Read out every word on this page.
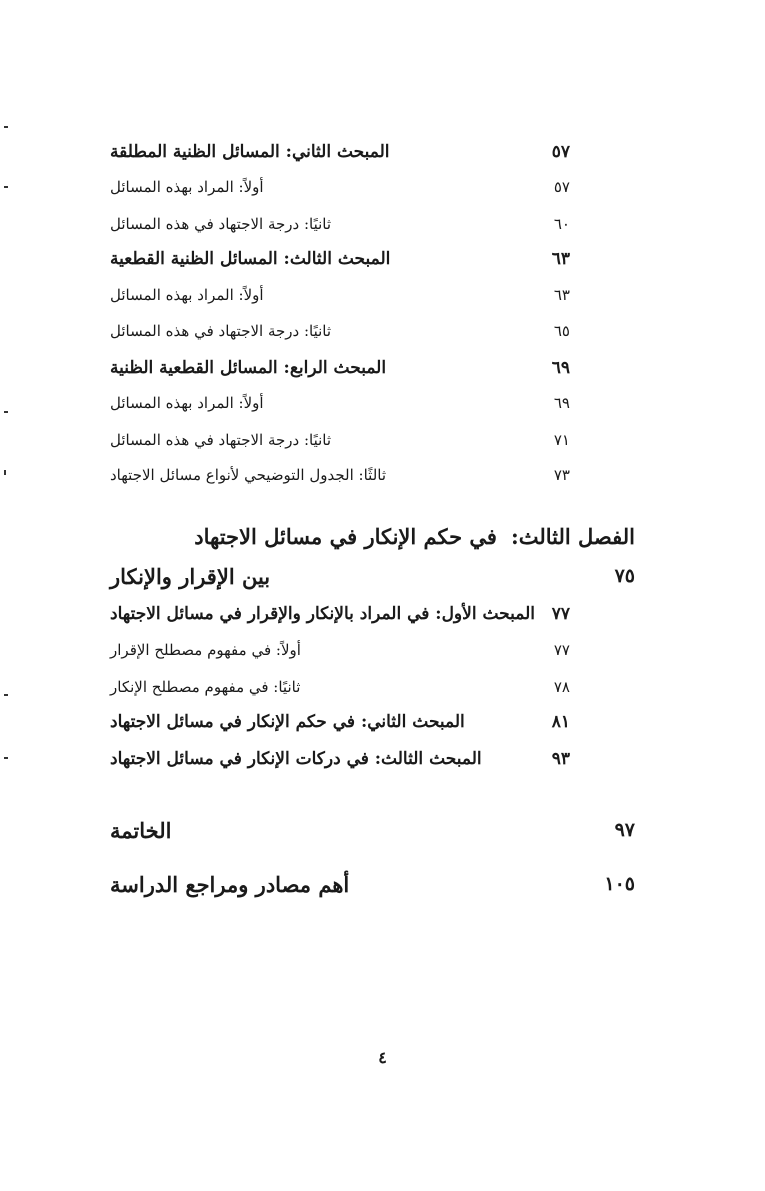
المبحث الثاني: المسائل الظنية المطلقة	٥٧
أولاً: المراد بهذه المسائل	٥٧
ثانيًا: درجة الاجتهاد في هذه المسائل	٦٠
المبحث الثالث: المسائل الظنية القطعية	٦٣
أولاً: المراد بهذه المسائل	٦٣
ثانيًا: درجة الاجتهاد في هذه المسائل	٦٥
المبحث الرابع: المسائل القطعية الظنية	٦٩
أولاً: المراد بهذه المسائل	٦٩
ثانيًا: درجة الاجتهاد في هذه المسائل	٧١
ثالثًا: الجدول التوضيحي لأنواع مسائل الاجتهاد	٧٣
الفصل الثالث:
في حكم الإنكار في مسائل الاجتهاد
بين الإقرار والإنكار	٧٥
المبحث الأول: في المراد بالإنكار والإقرار في مسائل الاجتهاد ٧٧
أولاً: في مفهوم مصطلح الإقرار	٧٧
ثانيًا: في مفهوم مصطلح الإنكار	٧٨
المبحث الثاني: في حكم الإنكار في مسائل الاجتهاد	٨١
المبحث الثالث: في دركات الإنكار في مسائل الاجتهاد	٩٣
الخاتمة	٩٧
أهم مصادر ومراجع الدراسة	١٠٥
٤
